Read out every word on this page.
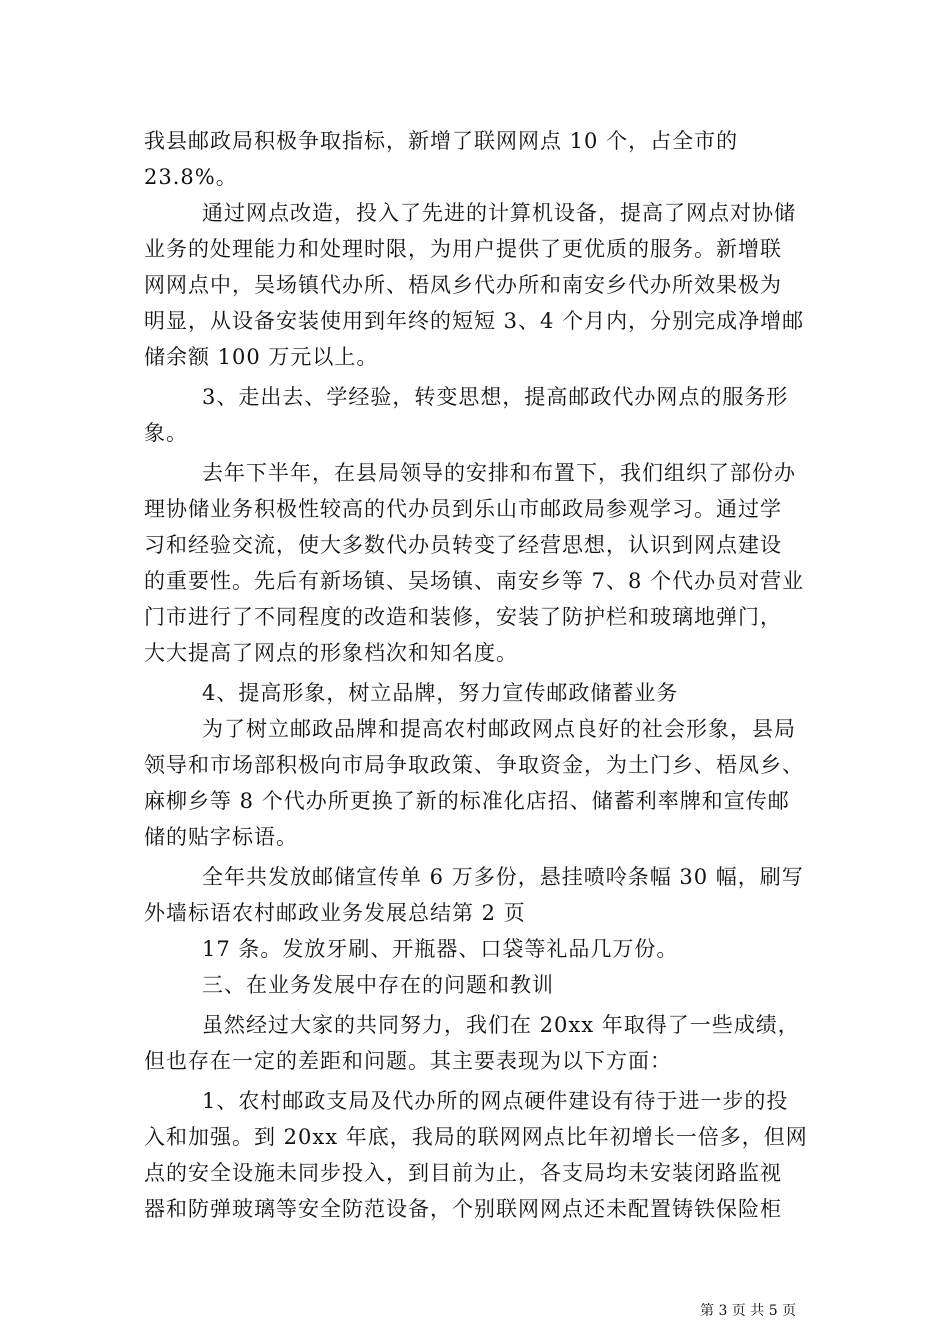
我县邮政局积极争取指标，新增了联网网点 10 个，占全市的
23.8%。
通过网点改造，投入了先进的计算机设备，提高了网点对协储
业务的处理能力和处理时限，为用户提供了更优质的服务。新增联
网网点中，吴场镇代办所、梧凤乡代办所和南安乡代办所效果极为
明显，从设备安装使用到年终的短短 3、4 个月内，分别完成净增邮
储余额 100 万元以上。
3、走出去、学经验，转变思想，提高邮政代办网点的服务形
象。
去年下半年，在县局领导的安排和布置下，我们组织了部份办
理协储业务积极性较高的代办员到乐山市邮政局参观学习。通过学
习和经验交流，使大多数代办员转变了经营思想，认识到网点建设
的重要性。先后有新场镇、吴场镇、南安乡等 7、8 个代办员对营业
门市进行了不同程度的改造和装修，安装了防护栏和玻璃地弹门，
大大提高了网点的形象档次和知名度。
4、提高形象，树立品牌，努力宣传邮政储蓄业务
为了树立邮政品牌和提高农村邮政网点良好的社会形象，县局
领导和市场部积极向市局争取政策、争取资金，为土门乡、梧凤乡、
麻柳乡等 8 个代办所更换了新的标准化店招、储蓄利率牌和宣传邮
储的贴字标语。
全年共发放邮储宣传单 6 万多份，悬挂喷呤条幅 30 幅，刷写
外墙标语农村邮政业务发展总结第 2 页
17 条。发放牙刷、开瓶器、口袋等礼品几万份。
三、在业务发展中存在的问题和教训
虽然经过大家的共同努力，我们在 20xx 年取得了一些成绩，
但也存在一定的差距和问题。其主要表现为以下方面：
1、农村邮政支局及代办所的网点硬件建设有待于进一步的投
入和加强。到 20xx 年底，我局的联网网点比年初增长一倍多，但网
点的安全设施未同步投入，到目前为止，各支局均未安装闭路监视
器和防弹玻璃等安全防范设备，个别联网网点还未配置铸铁保险柜
第 3 页 共 5 页
